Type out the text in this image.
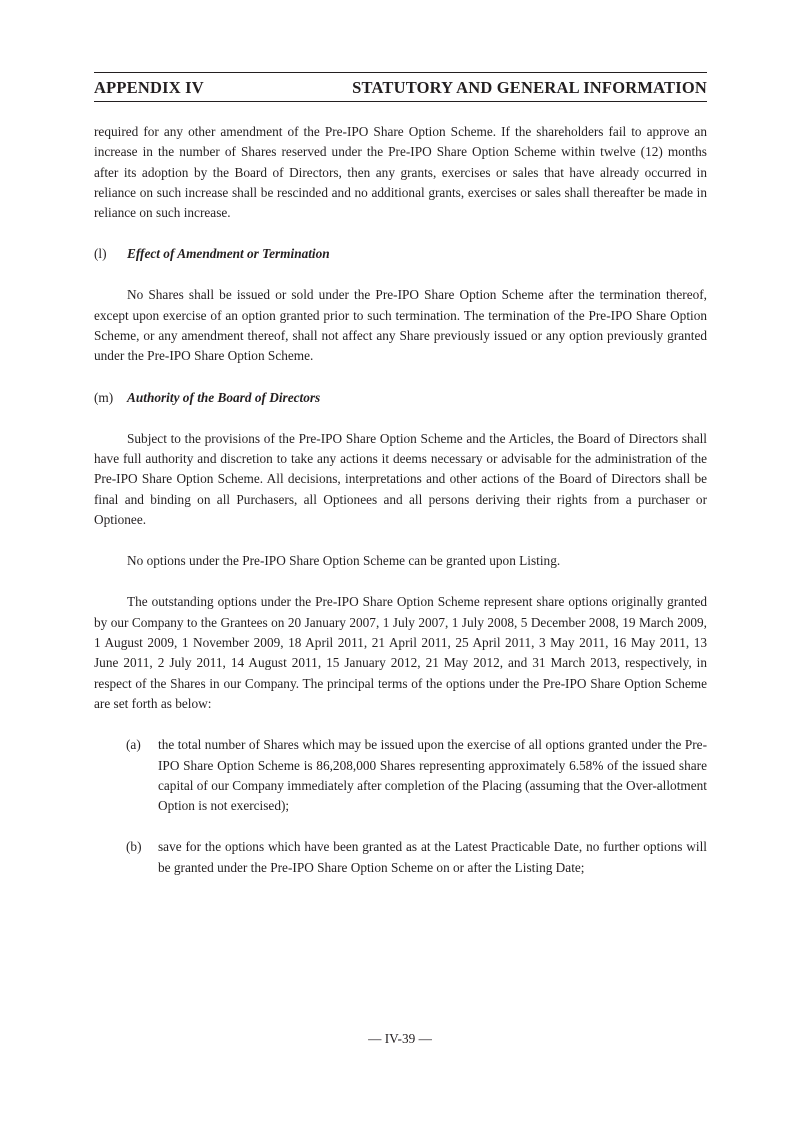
APPENDIX IV	STATUTORY AND GENERAL INFORMATION

required for any other amendment of the Pre-IPO Share Option Scheme. If the shareholders fail to approve an increase in the number of Shares reserved under the Pre-IPO Share Option Scheme within twelve (12) months after its adoption by the Board of Directors, then any grants, exercises or sales that have already occurred in reliance on such increase shall be rescinded and no additional grants, exercises or sales shall thereafter be made in reliance on such increase.

(l) Effect of Amendment or Termination

No Shares shall be issued or sold under the Pre-IPO Share Option Scheme after the termination thereof, except upon exercise of an option granted prior to such termination. The termination of the Pre-IPO Share Option Scheme, or any amendment thereof, shall not affect any Share previously issued or any option previously granted under the Pre-IPO Share Option Scheme.

(m) Authority of the Board of Directors

Subject to the provisions of the Pre-IPO Share Option Scheme and the Articles, the Board of Directors shall have full authority and discretion to take any actions it deems necessary or advisable for the administration of the Pre-IPO Share Option Scheme. All decisions, interpretations and other actions of the Board of Directors shall be final and binding on all Purchasers, all Optionees and all persons deriving their rights from a purchaser or Optionee.

No options under the Pre-IPO Share Option Scheme can be granted upon Listing.

The outstanding options under the Pre-IPO Share Option Scheme represent share options originally granted by our Company to the Grantees on 20 January 2007, 1 July 2007, 1 July 2008, 5 December 2008, 19 March 2009, 1 August 2009, 1 November 2009, 18 April 2011, 21 April 2011, 25 April 2011, 3 May 2011, 16 May 2011, 13 June 2011, 2 July 2011, 14 August 2011, 15 January 2012, 21 May 2012, and 31 March 2013, respectively, in respect of the Shares in our Company. The principal terms of the options under the Pre-IPO Share Option Scheme are set forth as below:

(a) the total number of Shares which may be issued upon the exercise of all options granted under the Pre-IPO Share Option Scheme is 86,208,000 Shares representing approximately 6.58% of the issued share capital of our Company immediately after completion of the Placing (assuming that the Over-allotment Option is not exercised);
(b) save for the options which have been granted as at the Latest Practicable Date, no further options will be granted under the Pre-IPO Share Option Scheme on or after the Listing Date;
— IV-39 —
